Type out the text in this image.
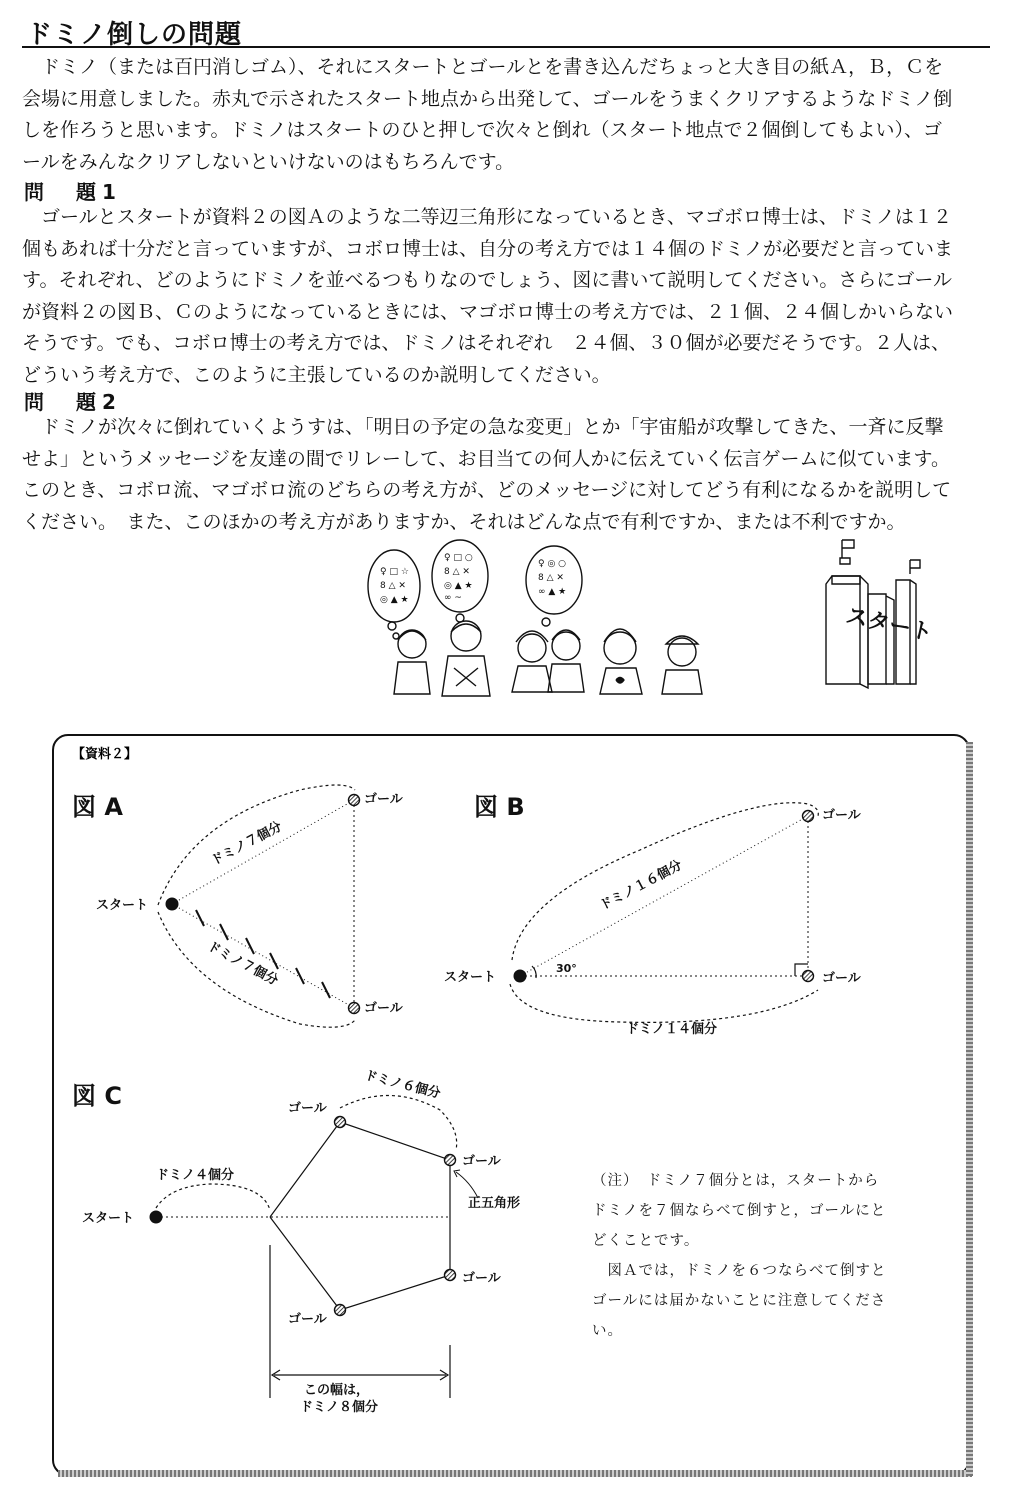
ドミノ倒しの問題
　ドミノ（または百円消しゴム）、それにスタートとゴールとを書き込んだちょっと大き目の紙Ａ，Ｂ，Ｃを
会場に用意しました。赤丸で示されたスタート地点から出発して、ゴールをうまくクリアするようなドミノ倒
しを作ろうと思います。ドミノはスタートのひと押しで次々と倒れ（スタート地点で２個倒してもよい）、ゴ
ールをみんなクリアしないといけないのはもちろんです。
問　題1
　ゴールとスタートが資料２の図Ａのような二等辺三角形になっているとき、マゴボロ博士は、ドミノは１２
個もあれば十分だと言っていますが、コボロ博士は、自分の考え方では１４個のドミノが必要だと言っていま
す。それぞれ、どのようにドミノを並べるつもりなのでしょう、図に書いて説明してください。さらにゴール
が資料２の図Ｂ、Ｃのようになっているときには、マゴボロ博士の考え方では、２１個、２４個しかいらない
そうです。でも、コボロ博士の考え方では、ドミノはそれぞれ　２４個、３０個が必要だそうです。２人は、
どういう考え方で、このように主張しているのか説明してください。
問　題2
　ドミノが次々に倒れていくようすは、「明日の予定の急な変更」とか「宇宙船が攻撃してきた、一斉に反撃
せよ」というメッセージを友達の間でリレーして、お目当ての何人かに伝えていく伝言ゲームに似ています。
このとき、コボロ流、マゴボロ流のどちらの考え方が、どのメッセージに対してどう有利になるかを説明して
ください。　また、このほかの考え方がありますか、それはどんな点で有利ですか、または不利ですか。
♀ □ ☆
8 △ ✕
◎ ▲ ★
♀ □ ○
8 △ ✕
◎ ▲ ★
∞ ~
♀ ◎ ○
8 △ ✕
∞ ▲ ★
スタート
【資料２】
図 A
スタート
ゴール
ゴール
ドミノ７個分
ドミノ７個分
図 B
スタート
ゴール
ゴール
30°
ドミノ１６個分
ドミノ１４個分
図 C
スタート
ゴール
ゴール
ゴール
ゴール
ドミノ４個分
ドミノ６個分
正五角形
この幅は，
ドミノ８個分
（注）　ドミノ７個分とは，スタートから
ドミノを７個ならべて倒すと，ゴールにと
どくことです。
　図Ａでは，ドミノを６つならべて倒すと
ゴールには届かないことに注意してくださ
い。
